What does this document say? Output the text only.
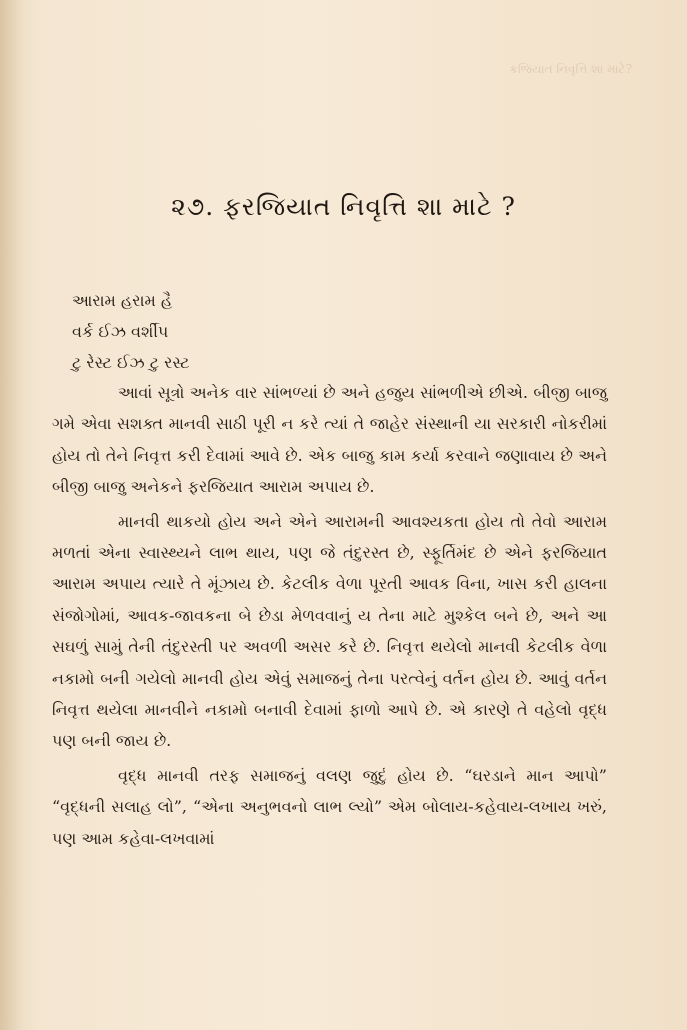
ક્રજિયાત નિવૃત્તિ શા માટે?
૨૭. ફરજિયાત નિવૃત્તિ શા માટે ?
આરામ હરામ હૈ
વર્ક ઈઝ વર્શીપ
ટુ રેસ્ટ ઈઝ ટુ રસ્ટ

આવાં સૂત્રો અનેક વાર સાંભળ્યાં છે અને હજુય સાંભળીએ છીએ. બીજી બાજુ ગમે એવા સશક્ત માનવી સાઠી પૂરી ન કરે ત્યાં તે જાહેર સંસ્થાની યા સરકારી નોકરીમાં હોય તો તેને નિવૃત્ત કરી દેવામાં આવે છે. એક બાજુ કામ કર્યા કરવાને જણાવાય છે અને બીજી બાજુ અનેકને ફરજિયાત આરામ અપાય છે.

માનવી થાકયો હોય અને એને આરામની આવશ્યકતા હોય તો તેવો આરામ મળતાં એના સ્વાસ્થ્યને લાભ થાય, પણ જે તંદુરસ્ત છે, સ્ફૂર્તિમંદ છે એને ફરજિયાત આરામ અપાય ત્યારે તે મૂંઝાય છે. કેટલીક વેળા પૂરતી આવક વિના, ખાસ કરી હાલના સંજોગોમાં, આવક-જાવકના બે છેડા મેળવવાનું ય તેના માટે મુશ્કેલ બને છે, અને આ સઘળું સામું તેની તંદુરસ્તી પર અવળી અસર કરે છે. નિવૃત્ત થયેલો માનવી કેટલીક વેળા નકામો બની ગયેલો માનવી હોય એવું સમાજનું તેના પરત્વેનું વર્તન હોય છે. આવું વર્તન નિવૃત્ત થયેલા માનવીને નકામો બનાવી દેવામાં ફાળો આપે છે. એ કારણે તે વહેલો વૃદ્ધ પણ બની જાય છે.

વૃદ્ધ માનવી તરફ સમાજનું વલણ જુદું હોય છે. “ઘરડાને માન આપો” “વૃદ્ધની સલાહ લો”, “એના અનુભવનો લાભ લ્યો” એમ બોલાય-કહેવાય-લખાય ખરું, પણ આમ કહેવા-લખવામાં
